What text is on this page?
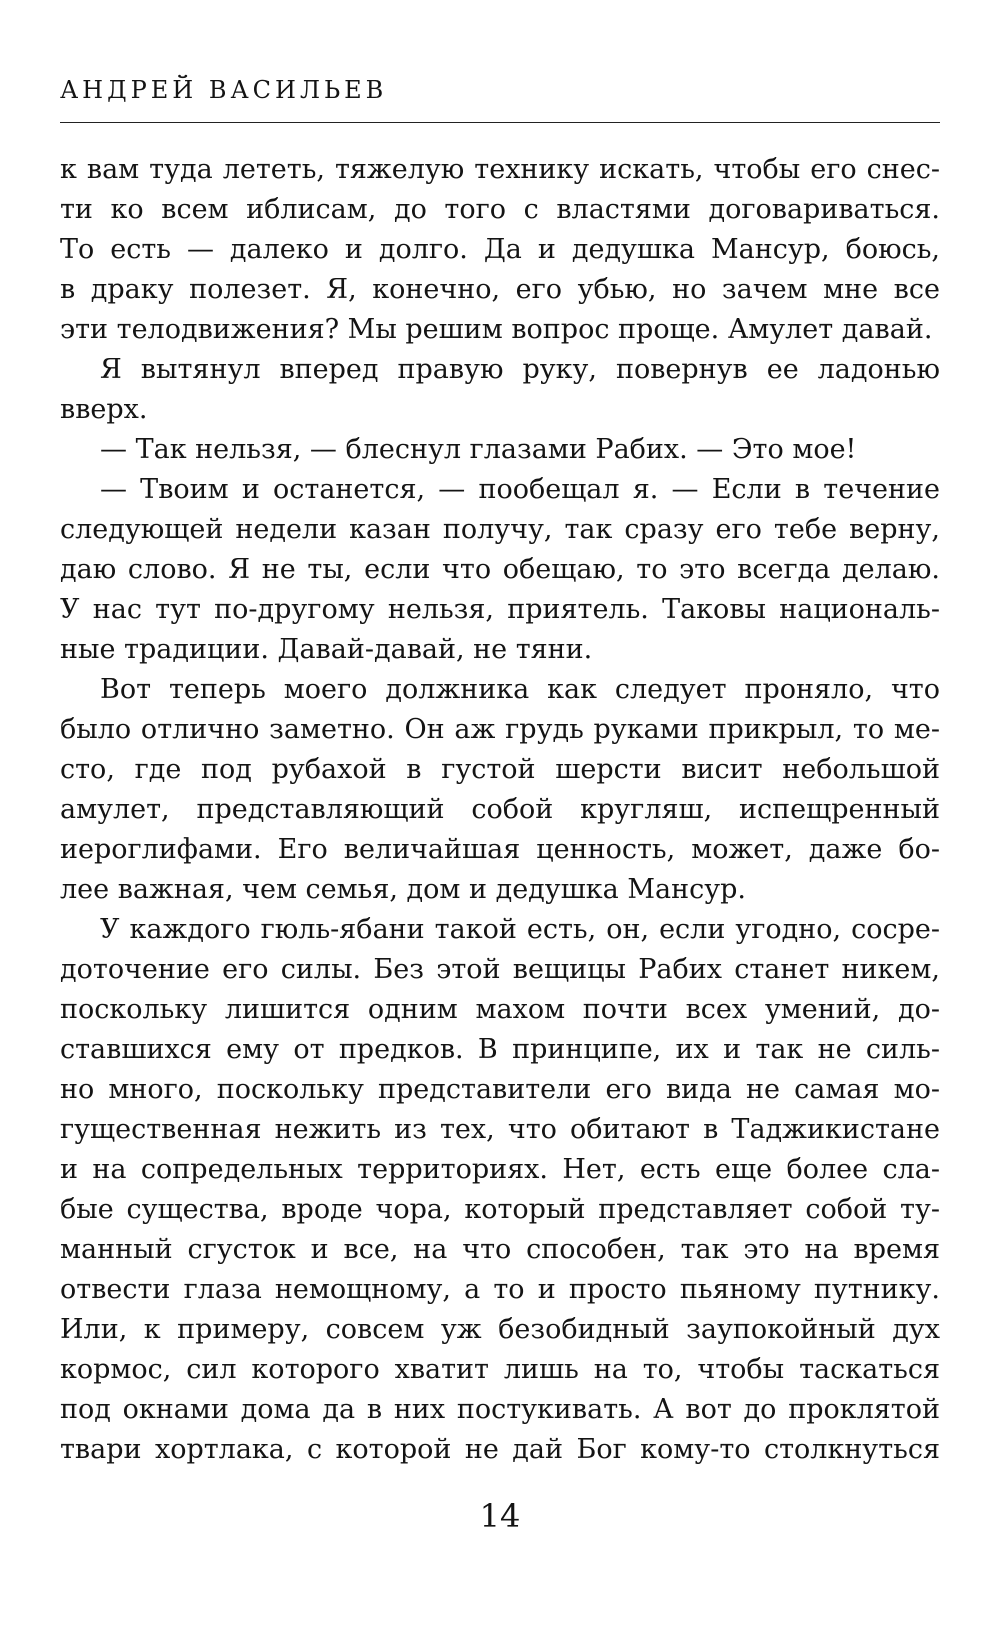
АНДРЕЙ ВАСИЛЬЕВ
к вам туда лететь, тяжелую технику искать, чтобы его снес-
ти ко всем иблисам, до того с властями договариваться.
То есть — далеко и долго. Да и дедушка Мансур, боюсь,
в драку полезет. Я, конечно, его убью, но зачем мне все
эти телодвижения? Мы решим вопрос проще. Амулет давай.
Я вытянул вперед правую руку, повернув ее ладонью
вверх.
— Так нельзя, — блеснул глазами Рабих. — Это мое!
— Твоим и останется, — пообещал я. — Если в течение
следующей недели казан получу, так сразу его тебе верну,
даю слово. Я не ты, если что обещаю, то это всегда делаю.
У нас тут по-другому нельзя, приятель. Таковы националь-
ные традиции. Давай-давай, не тяни.
Вот теперь моего должника как следует проняло, что
было отлично заметно. Он аж грудь руками прикрыл, то ме-
сто, где под рубахой в густой шерсти висит небольшой
амулет, представляющий собой кругляш, испещренный
иероглифами. Его величайшая ценность, может, даже бо-
лее важная, чем семья, дом и дедушка Мансур.
У каждого гюль-ябани такой есть, он, если угодно, сосре-
доточение его силы. Без этой вещицы Рабих станет никем,
поскольку лишится одним махом почти всех умений, до-
ставшихся ему от предков. В принципе, их и так не силь-
но много, поскольку представители его вида не самая мо-
гущественная нежить из тех, что обитают в Таджикистане
и на сопредельных территориях. Нет, есть еще более сла-
бые существа, вроде чора, который представляет собой ту-
манный сгусток и все, на что способен, так это на время
отвести глаза немощному, а то и просто пьяному путнику.
Или, к примеру, совсем уж безобидный заупокойный дух
кормос, сил которого хватит лишь на то, чтобы таскаться
под окнами дома да в них постукивать. А вот до проклятой
твари хортлака, с которой не дай Бог кому-то столкнуться
14
